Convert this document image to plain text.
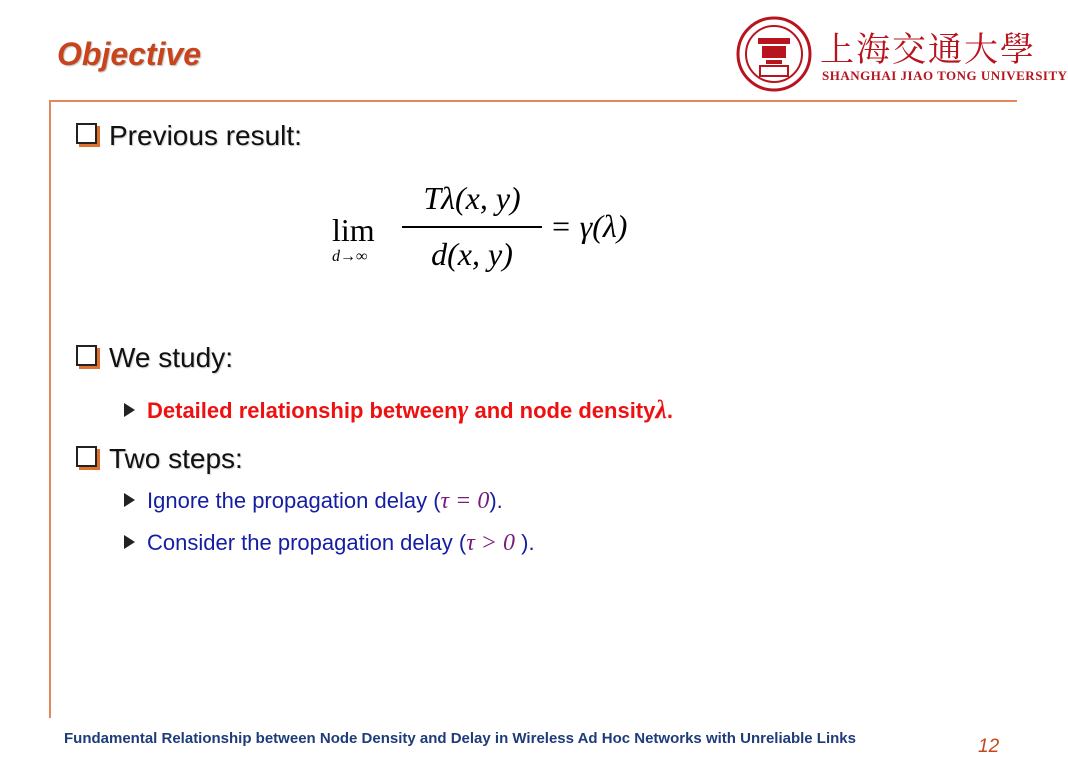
Objective	上海交通大學
SHANGHAI JIAO TONG UNIVERSITY
Previous result:
lim
d→∞
Tλ(x, y)
d(x, y)
= γ(λ)
We study:
Detailed relationship betweenγ and node densityλ.
Two steps:
Ignore the propagation delay (τ = 0).
Consider the propagation delay (τ > 0 ).
Fundamental Relationship between Node Density and Delay in Wireless Ad Hoc Networks with Unreliable Links	12
